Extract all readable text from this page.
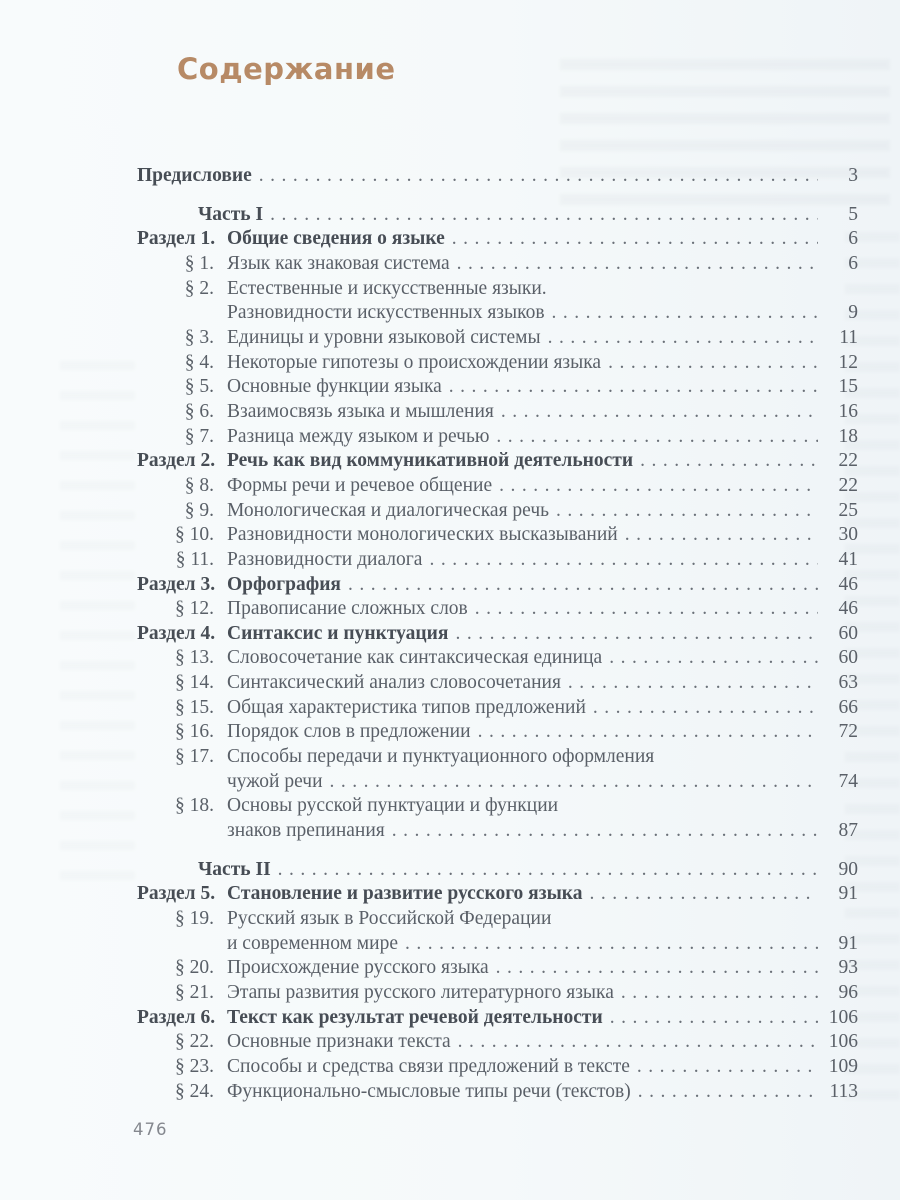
Содержание
Предисловие .....	3
Часть I .....	5
Раздел 1. Общие сведения о языке .....	6
§ 1. Язык как знаковая система .....	6
§ 2. Естественные и искусственные языки.
Разновидности искусственных языков .....	9
§ 3. Единицы и уровни языковой системы .....	11
§ 4. Некоторые гипотезы о происхождении языка .....	12
§ 5. Основные функции языка .....	15
§ 6. Взаимосвязь языка и мышления .....	16
§ 7. Разница между языком и речью .....	18
Раздел 2. Речь как вид коммуникативной деятельности .....	22
§ 8. Формы речи и речевое общение .....	22
§ 9. Монологическая и диалогическая речь .....	25
§ 10. Разновидности монологических высказываний .....	30
§ 11. Разновидности диалога .....	41
Раздел 3. Орфография .....	46
§ 12. Правописание сложных слов .....	46
Раздел 4. Синтаксис и пунктуация .....	60
§ 13. Словосочетание как синтаксическая единица .....	60
§ 14. Синтаксический анализ словосочетания .....	63
§ 15. Общая характеристика типов предложений .....	66
§ 16. Порядок слов в предложении .....	72
§ 17. Способы передачи и пунктуационного оформления
чужой речи .....	74
§ 18. Основы русской пунктуации и функции
знаков препинания .....	87
Часть II .....	90
Раздел 5. Становление и развитие русского языка .....	91
§ 19. Русский язык в Российской Федерации
и современном мире .....	91
§ 20. Происхождение русского языка .....	93
§ 21. Этапы развития русского литературного языка .....	96
Раздел 6. Текст как результат речевой деятельности .....	106
§ 22. Основные признаки текста .....	106
§ 23. Способы и средства связи предложений в тексте .....	109
§ 24. Функционально-смысловые типы речи (текстов) .....	113
476
